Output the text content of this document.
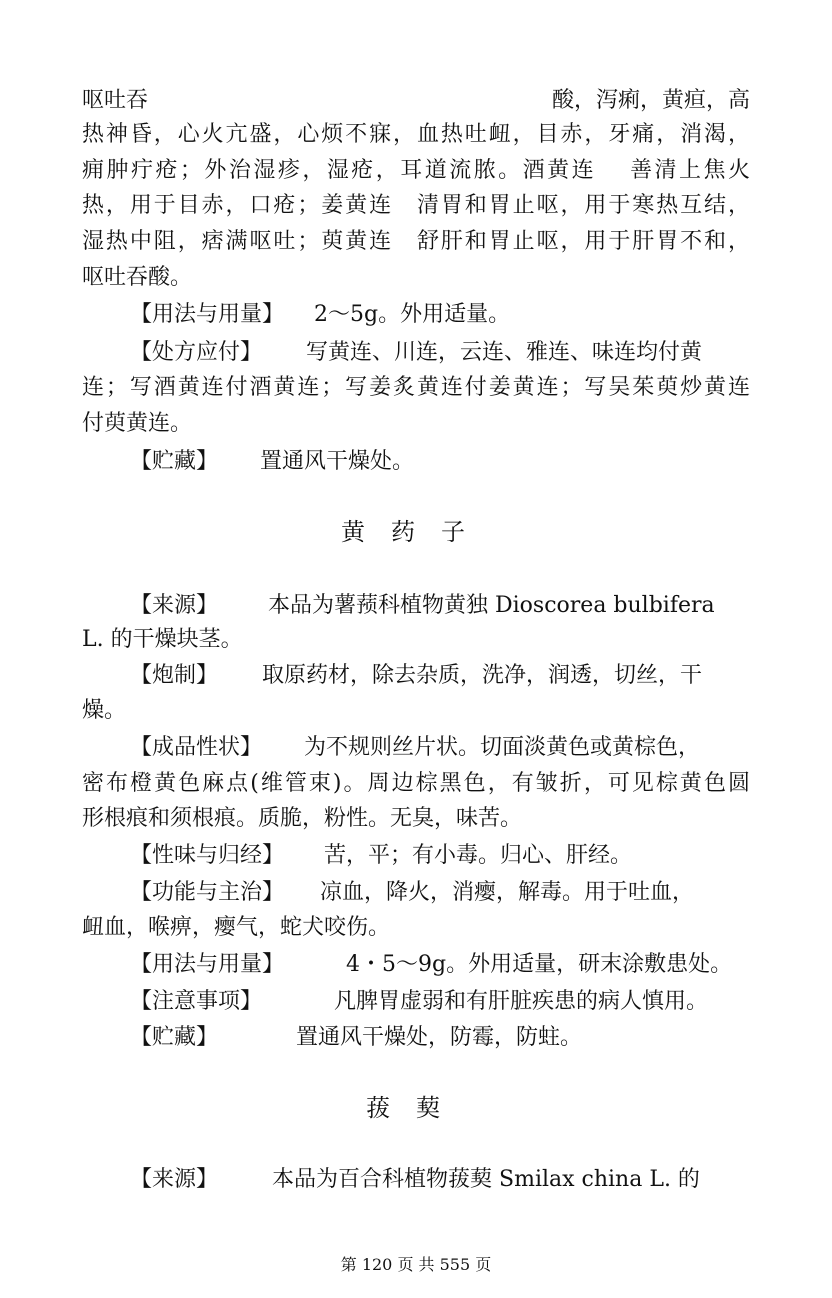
呕吐吞	酸，泻痢，黄疸，高
热神昏，心火亢盛，心烦不寐，血热吐衄，目赤，牙痛，消渴，
痈肿疔疮；外治湿疹，湿疮，耳道流脓。酒黄连　 善清上焦火
热，用于目赤，口疮；姜黄连　清胃和胃止呕，用于寒热互结，
湿热中阻，痞满呕吐；萸黄连　舒肝和胃止呕，用于肝胃不和，
呕吐吞酸。
【用法与用量】 2～5g。外用适量。
【处方应付】 写黄连、川连，云连、雅连、味连均付黄
连；写酒黄连付酒黄连；写姜炙黄连付姜黄连；写吴茱萸炒黄连
付萸黄连。
【贮藏】 置通风干燥处。
黄药子
【来源】 本品为薯蓣科植物黄独 Dioscorea bulbifera
L. 的干燥块茎。
【炮制】 取原药材，除去杂质，洗净，润透，切丝，干
燥。
【成品性状】 为不规则丝片状。切面淡黄色或黄棕色，
密布橙黄色麻点(维管束)。周边棕黑色，有皱折，可见棕黄色圆
形根痕和须根痕。质脆，粉性。无臭，味苦。
【性味与归经】 苦，平；有小毒。归心、肝经。
【功能与主治】 凉血，降火，消瘿，解毒。用于吐血，
衄血，喉痹，瘿气，蛇犬咬伤。
【用法与用量】	4・5～9g。外用适量，研末涂敷患处。
【注意事项】	凡脾胃虚弱和有肝脏疾患的病人慎用。
【贮藏】	置通风干燥处，防霉，防蛀。
菝葜
【来源】 本品为百合科植物菝葜 Smilax china L. 的
第 120 页 共 555 页
